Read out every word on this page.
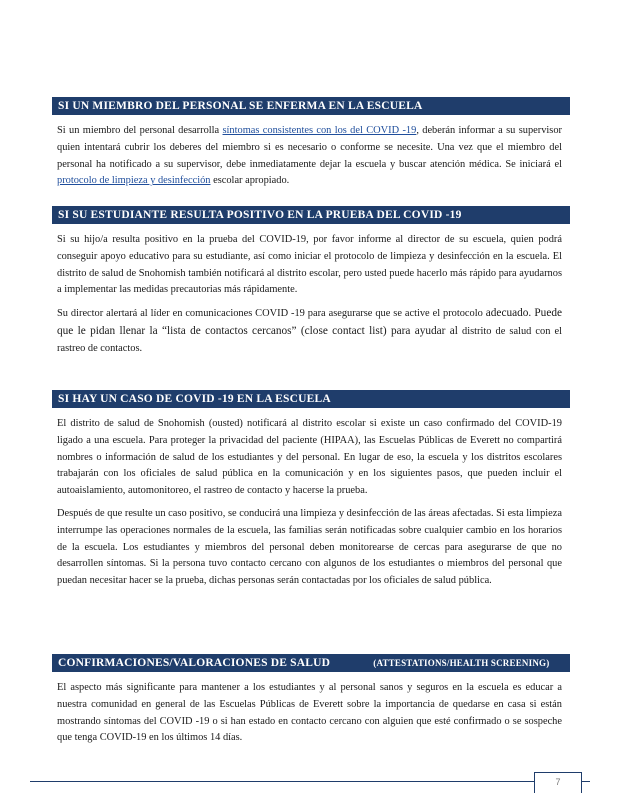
SI UN MIEMBRO DEL PERSONAL SE ENFERMA EN LA ESCUELA

Si un miembro del personal desarrolla síntomas consistentes con los del COVID -19, deberán informar a su supervisor quien intentará cubrir los deberes del miembro si es necesario o conforme se necesite. Una vez que el miembro del personal ha notificado a su supervisor, debe inmediatamente dejar la escuela y buscar atención médica. Se iniciará el protocolo de limpieza y desinfección escolar apropiado.

SI SU ESTUDIANTE RESULTA POSITIVO EN LA PRUEBA DEL COVID -19

Si su hijo/a resulta positivo en la prueba del COVID-19, por favor informe al director de su escuela, quien podrá conseguir apoyo educativo para su estudiante, así como iniciar el protocolo de limpieza y desinfección en la escuela. El distrito de salud de Snohomish también notificará al distrito escolar, pero usted puede hacerlo más rápido para ayudarnos a implementar las medidas precautorias más rápidamente.

Su director alertará al líder en comunicaciones COVID -19 para asegurarse que se active el protocolo adecuado. Puede que le pidan llenar la “lista de contactos cercanos” (close contact list) para ayudar al distrito de salud con el rastreo de contactos.

SI HAY UN CASO DE COVID -19 EN LA ESCUELA

El distrito de salud de Snohomish (ousted) notificará al distrito escolar si existe un caso confirmado del COVID-19 ligado a una escuela. Para proteger la privacidad del paciente (HIPAA), las Escuelas Públicas de Everett no compartirá nombres o información de salud de los estudiantes y del personal. En lugar de eso, la escuela y los distritos escolares trabajarán con los oficiales de salud pública en la comunicación y en los siguientes pasos, que pueden incluir el autoaislamiento, automonitoreo, el rastreo de contacto y hacerse la prueba.

Después de que resulte un caso positivo, se conducirá una limpieza y desinfección de las áreas afectadas. Si esta limpieza interrumpe las operaciones normales de la escuela, las familias serán notificadas sobre cualquier cambio en los horarios de la escuela. Los estudiantes y miembros del personal deben monitorearse de cercas para asegurarse de que no desarrollen síntomas. Si la persona tuvo contacto cercano con algunos de los estudiantes o miembros del personal que puedan necesitar hacer se la prueba, dichas personas serán contactadas por los oficiales de salud pública.

CONFIRMACIONES/VALORACIONES DE SALUD	(ATTESTATIONS/HEALTH SCREENING)

El aspecto más significante para mantener a los estudiantes y al personal sanos y seguros en la escuela es educar a nuestra comunidad en general de las Escuelas Públicas de Everett sobre la importancia de quedarse en casa si están mostrando síntomas del COVID -19 o si han estado en contacto cercano con alguien que esté confirmado o se sospeche que tenga COVID-19 en los últimos 14 días.

7
